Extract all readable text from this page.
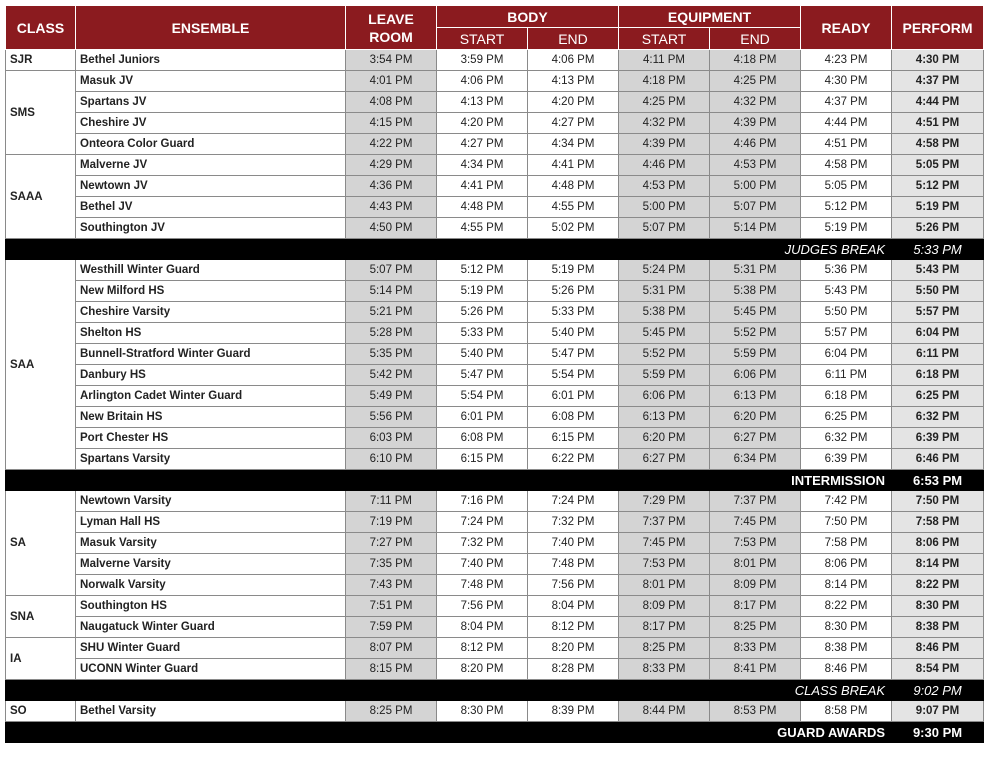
CLASS	ENSEMBLE	LEAVE
ROOM	BODY		EQUIPMENT		READY	PERFORM
			START	END	START	END		
SJR	Bethel Juniors	3:54 PM	3:59 PM	4:06 PM	4:11 PM	4:18 PM	4:23 PM	4:30 PM
SMS	Masuk JV	4:01 PM	4:06 PM	4:13 PM	4:18 PM	4:25 PM	4:30 PM	4:37 PM
	Spartans JV	4:08 PM	4:13 PM	4:20 PM	4:25 PM	4:32 PM	4:37 PM	4:44 PM
	Cheshire JV	4:15 PM	4:20 PM	4:27 PM	4:32 PM	4:39 PM	4:44 PM	4:51 PM
	Onteora Color Guard	4:22 PM	4:27 PM	4:34 PM	4:39 PM	4:46 PM	4:51 PM	4:58 PM
SAAA	Malverne JV	4:29 PM	4:34 PM	4:41 PM	4:46 PM	4:53 PM	4:58 PM	5:05 PM
	Newtown JV	4:36 PM	4:41 PM	4:48 PM	4:53 PM	5:00 PM	5:05 PM	5:12 PM
	Bethel JV	4:43 PM	4:48 PM	4:55 PM	5:00 PM	5:07 PM	5:12 PM	5:19 PM
	Southington JV	4:50 PM	4:55 PM	5:02 PM	5:07 PM	5:14 PM	5:19 PM	5:26 PM
JUDGES BREAK								5:33 PM
SAA	Westhill Winter Guard	5:07 PM	5:12 PM	5:19 PM	5:24 PM	5:31 PM	5:36 PM	5:43 PM
	New Milford HS	5:14 PM	5:19 PM	5:26 PM	5:31 PM	5:38 PM	5:43 PM	5:50 PM
	Cheshire Varsity	5:21 PM	5:26 PM	5:33 PM	5:38 PM	5:45 PM	5:50 PM	5:57 PM
	Shelton HS	5:28 PM	5:33 PM	5:40 PM	5:45 PM	5:52 PM	5:57 PM	6:04 PM
	Bunnell-Stratford Winter Guard	5:35 PM	5:40 PM	5:47 PM	5:52 PM	5:59 PM	6:04 PM	6:11 PM
	Danbury HS	5:42 PM	5:47 PM	5:54 PM	5:59 PM	6:06 PM	6:11 PM	6:18 PM
	Arlington Cadet Winter Guard	5:49 PM	5:54 PM	6:01 PM	6:06 PM	6:13 PM	6:18 PM	6:25 PM
	New Britain HS	5:56 PM	6:01 PM	6:08 PM	6:13 PM	6:20 PM	6:25 PM	6:32 PM
	Port Chester HS	6:03 PM	6:08 PM	6:15 PM	6:20 PM	6:27 PM	6:32 PM	6:39 PM
	Spartans Varsity	6:10 PM	6:15 PM	6:22 PM	6:27 PM	6:34 PM	6:39 PM	6:46 PM
INTERMISSION								6:53 PM
SA	Newtown Varsity	7:11 PM	7:16 PM	7:24 PM	7:29 PM	7:37 PM	7:42 PM	7:50 PM
	Lyman Hall HS	7:19 PM	7:24 PM	7:32 PM	7:37 PM	7:45 PM	7:50 PM	7:58 PM
	Masuk Varsity	7:27 PM	7:32 PM	7:40 PM	7:45 PM	7:53 PM	7:58 PM	8:06 PM
	Malverne Varsity	7:35 PM	7:40 PM	7:48 PM	7:53 PM	8:01 PM	8:06 PM	8:14 PM
	Norwalk Varsity	7:43 PM	7:48 PM	7:56 PM	8:01 PM	8:09 PM	8:14 PM	8:22 PM
SNA	Southington HS	7:51 PM	7:56 PM	8:04 PM	8:09 PM	8:17 PM	8:22 PM	8:30 PM
	Naugatuck Winter Guard	7:59 PM	8:04 PM	8:12 PM	8:17 PM	8:25 PM	8:30 PM	8:38 PM
IA	SHU Winter Guard	8:07 PM	8:12 PM	8:20 PM	8:25 PM	8:33 PM	8:38 PM	8:46 PM
	UCONN Winter Guard	8:15 PM	8:20 PM	8:28 PM	8:33 PM	8:41 PM	8:46 PM	8:54 PM
CLASS BREAK								9:02 PM
SO	Bethel Varsity	8:25 PM	8:30 PM	8:39 PM	8:44 PM	8:53 PM	8:58 PM	9:07 PM
GUARD AWARDS								9:30 PM
